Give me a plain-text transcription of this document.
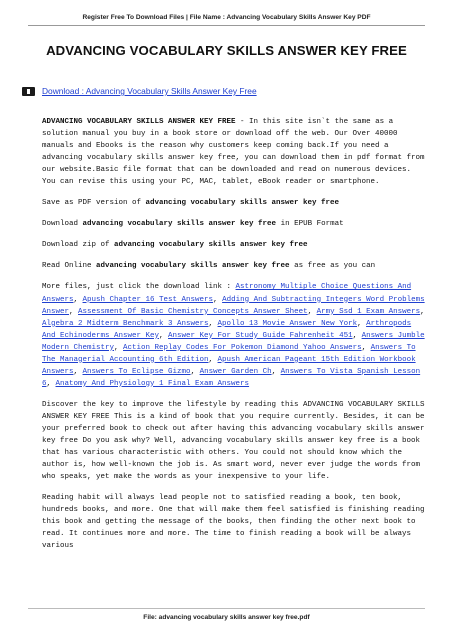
Register Free To Download Files | File Name : Advancing Vocabulary Skills Answer Key PDF
ADVANCING VOCABULARY SKILLS ANSWER KEY FREE
Download : Advancing Vocabulary Skills Answer Key Free

ADVANCING VOCABULARY SKILLS ANSWER KEY FREE - In this site isn`t the same as a solution manual you buy in a book store or download off the web. Our Over 40000 manuals and Ebooks is the reason why customers keep coming back.If you need a advancing vocabulary skills answer key free, you can download them in pdf format from our website.Basic file format that can be downloaded and read on numerous devices. You can revise this using your PC, MAC, tablet, eBook reader or smartphone.

Save as PDF version of advancing vocabulary skills answer key free

Download advancing vocabulary skills answer key free in EPUB Format

Download zip of advancing vocabulary skills answer key free

Read Online advancing vocabulary skills answer key free as free as you can

More files, just click the download link : Astronomy Multiple Choice Questions And Answers, Apush Chapter 16 Test Answers, Adding And Subtracting Integers Word Problems Answer, Assessment Of Basic Chemistry Concepts Answer Sheet, Army Ssd 1 Exam Answers, Algebra 2 Midterm Benchmark 3 Answers, Apollo 13 Movie Answer New York, Arthropods And Echinoderms Answer Key, Answer Key For Study Guide Fahrenheit 451, Answers Jumble Modern Chemistry, Action Replay Codes For Pokemon Diamond Yahoo Answers, Answers To The Managerial Accounting 6th Edition, Apush American Pageant 15th Edition Workbook Answers, Answers To Eclipse Gizmo, Answer Garden Ch, Answers To Vista Spanish Lesson 6, Anatomy And Physiology 1 Final Exam Answers

Discover the key to improve the lifestyle by reading this ADVANCING VOCABULARY SKILLS ANSWER KEY FREE This is a kind of book that you require currently. Besides, it can be your preferred book to check out after having this advancing vocabulary skills answer key free Do you ask why? Well, advancing vocabulary skills answer key free is a book that has various characteristic with others. You could not should know which the author is, how well-known the job is. As smart word, never ever judge the words from who speaks, yet make the words as your inexpensive to your life.

Reading habit will always lead people not to satisfied reading a book, ten book, hundreds books, and more. One that will make them feel satisfied is finishing reading this book and getting the message of the books, then finding the other next book to read. It continues more and more. The time to finish reading a book will be always various

File: advancing vocabulary skills answer key free.pdf
